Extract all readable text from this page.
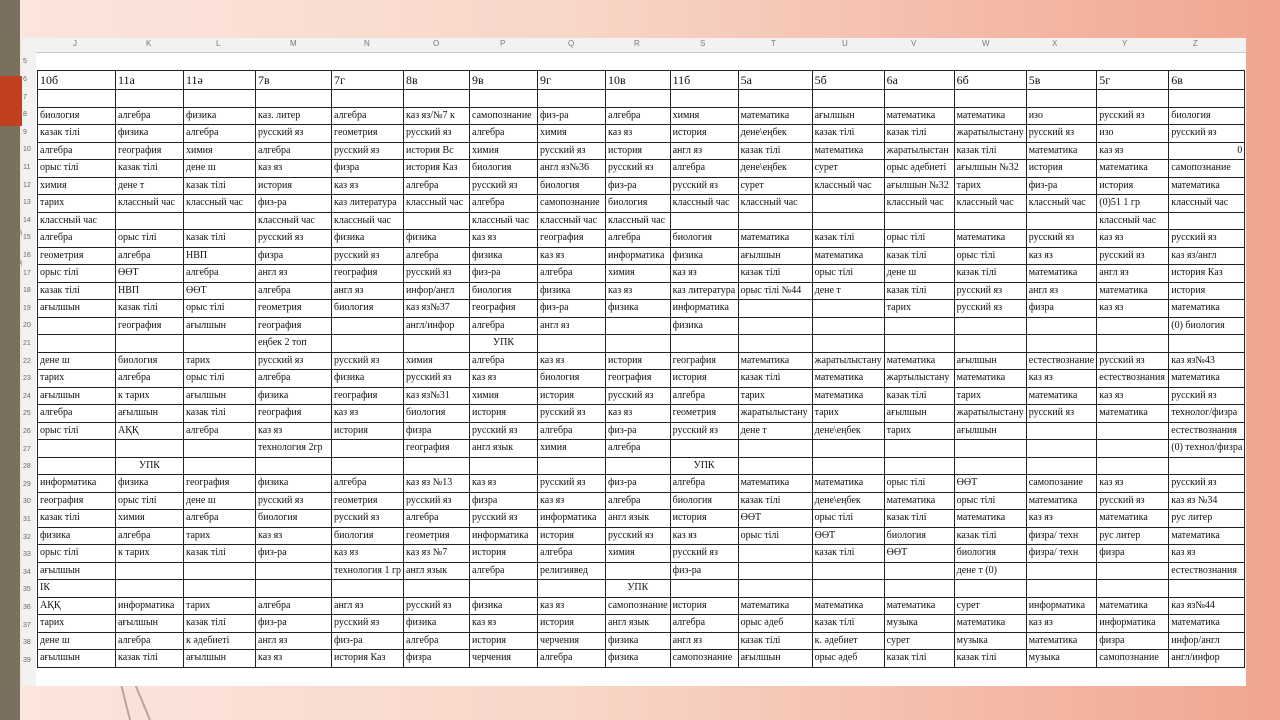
J	K	L	M	N	O	P	Q	R	S	T	U	V	W	X	Y	Z
5
6
7
8
9
10
11
12
13
14
15
16
17
18
19
20
21
22
23
24
25
26
27
28
29
30
31
32
33
34
35
36
37
38
39
10б	11а	11ә	7в	7г	8в	9в	9г	10в	11б	5а	5б	6а	6б	5в	5г	6в

биология	алгебра	физика	каз. литер	алгебра	каз яз/№7 к	самопознание	физ-ра	алгебра	химия	математика	ағылшын	математика	математика	изо	русский яз	биология
казак тілі	физика	алгебра	русский яз	геометрия	русский яз	алгебра	химия	каз яз	история	дене\еңбек	казак тілі	казак тілі	жаратылыстану	русский яз	изо	русский яз
алгебра	география	химия	алгебра	русский яз	история Вс	химия	русский яз	история	англ яз	казак тілі	математика	жаратылыстан	казак тілі	математика	каз яз	0
орыс тілі	казак тілі	дене ш	каз яз	физра	история Каз	биология	англ яз№36	русский яз	алгебра	дене\еңбек	сурет	орыс әдебиеті	ағылшын №32	история	математика	самопознание
химия	дене т	казак тілі	история	каз яз	алгебра	русский яз	биология	физ-ра	русский яз	сурет	классный час	ағылшын №32	тарих	физ-ра	история	математика
тарих	классный час	классный час	физ-ра	каз литература	классный час	алгебра	самопознание	биология	классный час	классный час		классный час	классный час	классный час	(0)51 1 гр	классный час
классный час			классный час	классный час		классный час	классный час	классный час							классный час	
алгебра	орыс тілі	казак тілі	русский яз	физика	физика	каз яз	география	алгебра	биология	математика	казак тілі	орыс тілі	математика	русский яз	каз яз	русский яз
геометрия	алгебра	НВП	физра	русский яз	алгебра	физика	каз яз	информатика	физика	ағылшын	математика	казак тілі	орыс тілі	каз яз	русский яз	каз яз/англ
орыс тілі	ӨӨТ	алгебра	англ яз	география	русский яз	физ-ра	алгебра	химия	каз яз	казак тілі	орыс тілі	дене ш	казак тілі	математика	англ яз	история Каз
казак тілі	НВП	ӨӨТ	алгебра	англ яз	инфор/англ	биология	физика	каз яз	каз литература	орыс тілі №44	дене т	казак тілі	русский яз	англ яз	математика	история
ағылшын	казак тілі	орыс тілі	геометрия	биология	каз яз№37	география	физ-ра	физика	информатика			тарих	русский яз	физра	каз яз	математика
	география	ағылшын	география		англ/инфор	алгебра	англ яз		физика							(0) биология
			еңбек 2 топ			УПК										
дене ш	биология	тарих	русский яз	русский яз	химия	алгебра	каз яз	история	география	математика	жаратылыстану	математика	ағылшын	естествознание	русский яз	каз яз№43
тарих	алгебра	орыс тілі	алгебра	физика	русский яз	каз яз	биология	география	история	казак тілі	математика	жартылыстану	математика	каз яз	естествознания	математика
ағылшын	к тарих	ағылшын	физика	география	каз яз№31	химия	история	русский яз	алгебра	тарих	математика	казак тілі	тарих	математика	каз яз	русский яз
алгебра	ағылшын	казак тілі	география	каз яз	биология	история	русский яз	каз яз	геометрия	жаратылыстану	тарих	ағылшын	жаратылыстану	русский яз	математика	технолог/физра
орыс тілі	АҚҚ	алгебра	каз яз	история	физра	русский яз	алгебра	физ-ра	русский яз	дене т	дене\еңбек	тарих	ағылшын			естествознания
			технология 2гр		география	англ язык	химия	алгебра								(0) технол/физра
	УПК								УПК							
информатика	физика	география	физика	алгебра	каз яз №13	каз яз	русский яз	физ-ра	алгебра	математика	математика	орыс тілі	ӨӨТ	самопозание	каз яз	русский яз
география	орыс тілі	дене ш	русский яз	геометрия	русский яз	физра	каз яз	алгебра	биология	казак тілі	дене\еңбек	математика	орыс тілі	математика	русский яз	каз яз №34
казак тілі	химия	алгебра	биология	русский яз	алгебра	русский яз	информатика	англ язык	история	ӨӨТ	орыс тілі	казак тілі	математика	каз яз	математика	рус литер
физика	алгебра	тарих	каз яз	биология	геометрия	информатика	история	русский яз	каз яз	орыс тілі	ӨӨТ	биология	казак тілі	физра/ техн	рус литер	математика
орыс тілі	к тарих	казак тілі	физ-ра	каз яз	каз яз №7	история	алгебра	химия	русский яз		казак тілі	ӨӨТ	биология	физра/ техн	физра	каз яз
ағылшын				технология 1 гр	англ язык	алгебра	религиявед		физ-ра				дене т (0)			естествознания
ІК								УПК								
АҚҚ	информатика	тарих	алгебра	англ яз	русский яз	физика	каз яз	самопознание	история	математика	математика	математика	сурет	информатика	математика	каз яз№44
тарих	ағылшын	казак тілі	физ-ра	русский яз	физика	каз яз	история	англ язык	алгебра	орыс әдеб	казак тілі	музыка	математика	каз яз	информатика	математика
дене ш	алгебра	к әдебиеті	англ яз	физ-ра	алгебра	история	черчения	физика	англ яз	казак тілі	к. әдебиет	сурет	музыка	математика	физра	инфор/англ
ағылшын	казак тілі	ағылшын	каз яз	история Каз	физра	черчения	алгебра	физика	самопознание	ағылшын	орыс әдеб	казак тілі	казак тілі	музыка	самопознание	англ/инфор
